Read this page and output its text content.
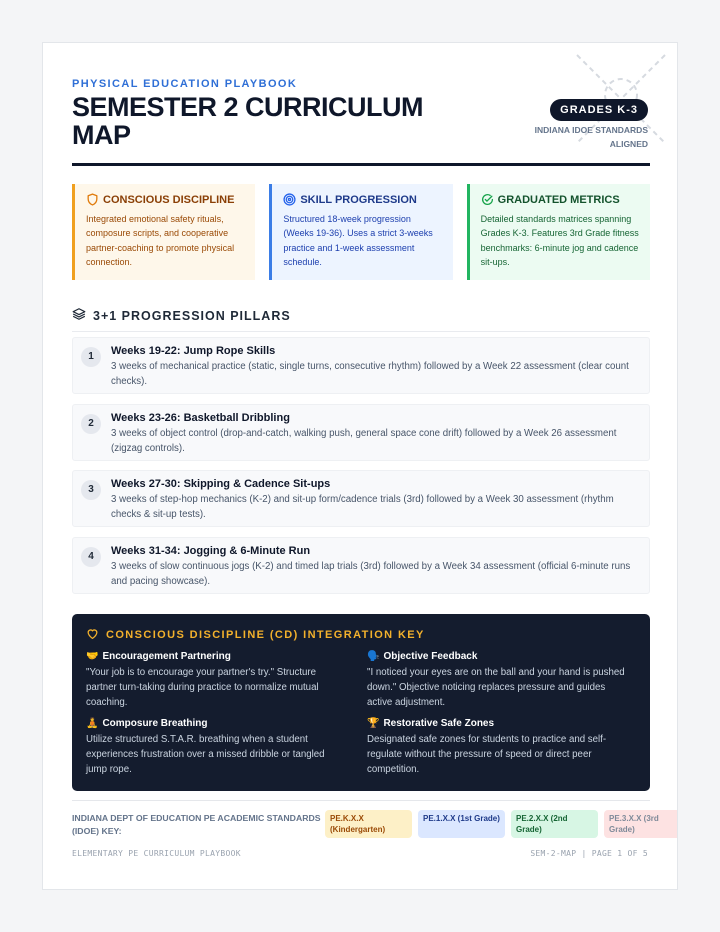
PHYSICAL EDUCATION PLAYBOOK
SEMESTER 2 CURRICULUM MAP
GRADES K-3
INDIANA IDOE STANDARDS ALIGNED
CONSCIOUS DISCIPLINE
Integrated emotional safety rituals, composure scripts, and cooperative partner-coaching to promote physical connection.
SKILL PROGRESSION
Structured 18-week progression (Weeks 19-36). Uses a strict 3-weeks practice and 1-week assessment schedule.
GRADUATED METRICS
Detailed standards matrices spanning Grades K-3. Features 3rd Grade fitness benchmarks: 6-minute jog and cadence sit-ups.
3+1 PROGRESSION PILLARS
1	Weeks 19-22: Jump Rope Skills
3 weeks of mechanical practice (static, single turns, consecutive rhythm) followed by a Week 22 assessment (clear count checks).
2	Weeks 23-26: Basketball Dribbling
3 weeks of object control (drop-and-catch, walking push, general space cone drift) followed by a Week 26 assessment (zigzag controls).
3	Weeks 27-30: Skipping & Cadence Sit-ups
3 weeks of step-hop mechanics (K-2) and sit-up form/cadence trials (3rd) followed by a Week 30 assessment (rhythm checks & sit-up tests).
4	Weeks 31-34: Jogging & 6-Minute Run
3 weeks of slow continuous jogs (K-2) and timed lap trials (3rd) followed by a Week 34 assessment (official 6-minute runs and pacing showcase).
CONSCIOUS DISCIPLINE (CD) INTEGRATION KEY
🤝 Encouragement Partnering
"Your job is to encourage your partner's try." Structure partner turn-taking during practice to normalize mutual coaching.
🗣️ Objective Feedback
"I noticed your eyes are on the ball and your hand is pushed down." Objective noticing replaces pressure and guides active adjustment.
🧘 Composure Breathing
Utilize structured S.T.A.R. breathing when a student experiences frustration over a missed dribble or tangled jump rope.
🏆 Restorative Safe Zones
Designated safe zones for students to practice and self-regulate without the pressure of speed or direct peer competition.
INDIANA DEPT OF EDUCATION PE ACADEMIC STANDARDS (IDOE) KEY:
PE.K.X.X (Kindergarten)
PE.1.X.X (1st Grade)	PE.2.X.X (2nd Grade)
PE.3.X.X (3rd Grade)
ELEMENTARY PE CURRICULUM PLAYBOOK	SEM-2-MAP | PAGE 1 OF 5
